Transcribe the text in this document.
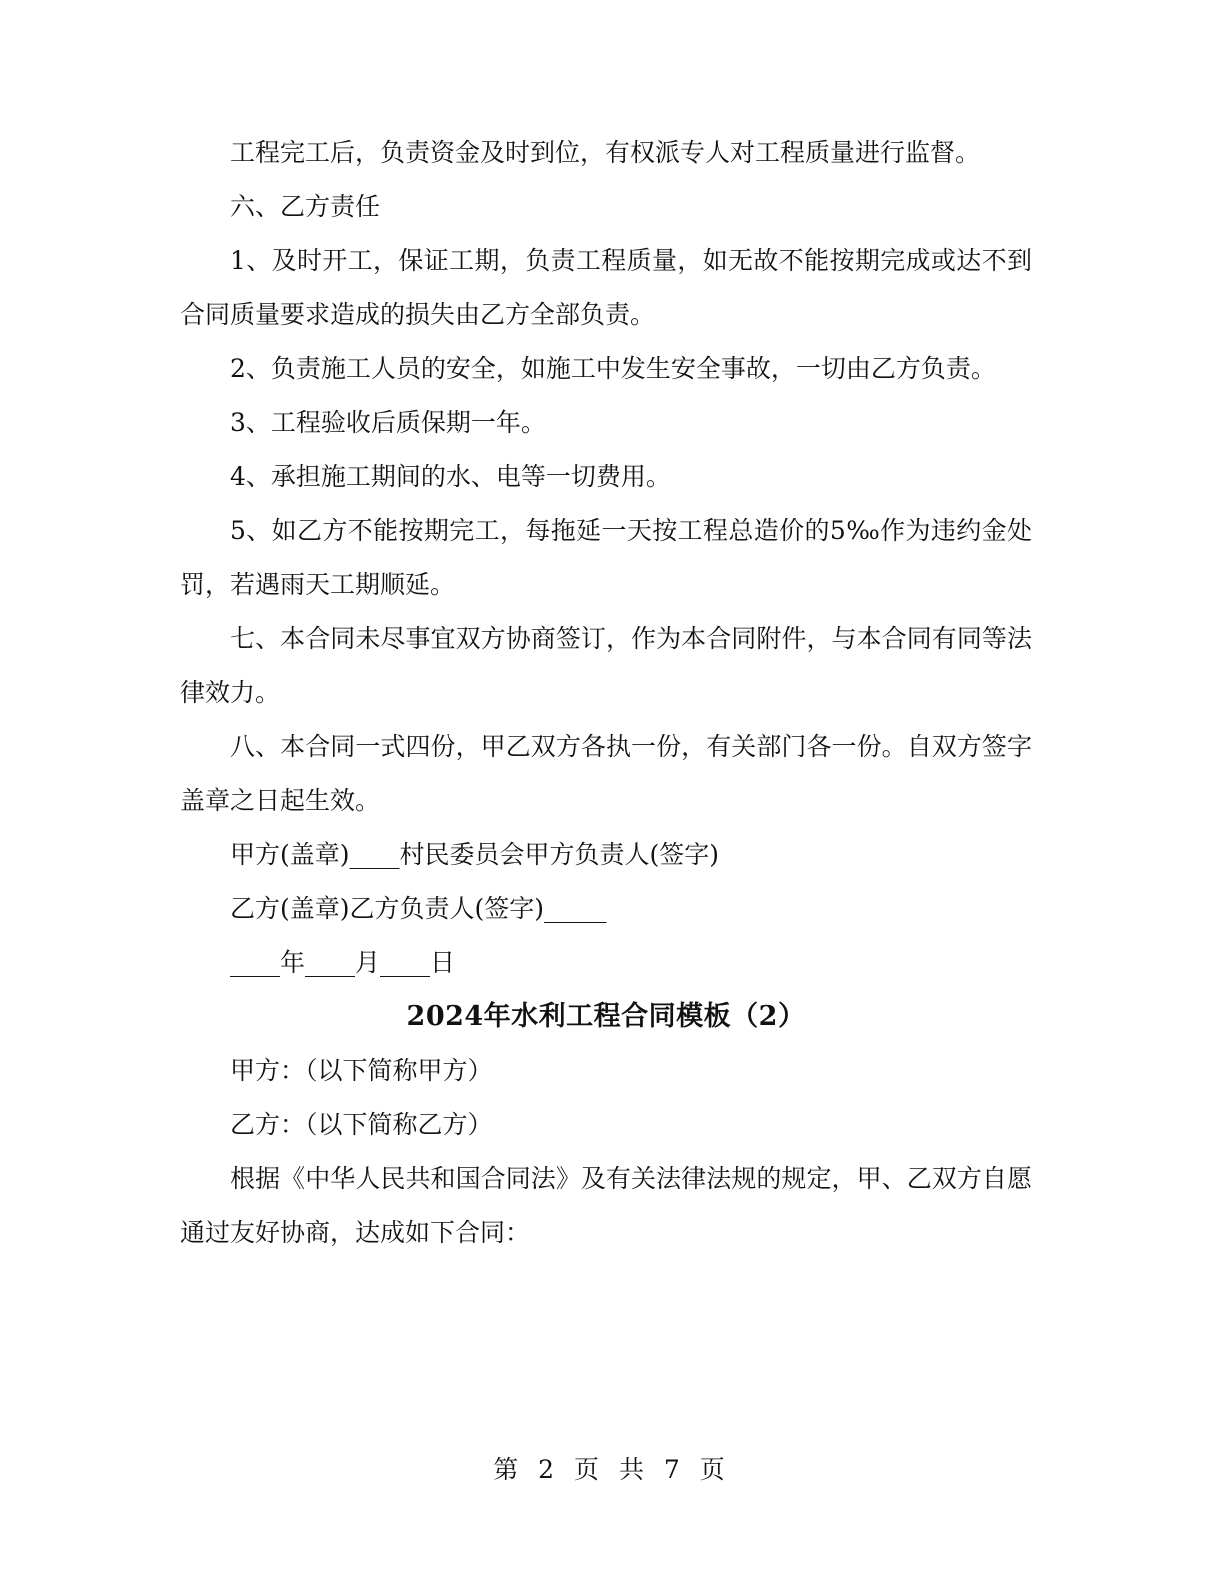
工程完工后，负责资金及时到位，有权派专人对工程质量进行监督。

六、乙方责任

1、及时开工，保证工期，负责工程质量，如无故不能按期完成或达不到合同质量要求造成的损失由乙方全部负责。

2、负责施工人员的安全，如施工中发生安全事故，一切由乙方负责。

3、工程验收后质保期一年。

4、承担施工期间的水、电等一切费用。

5、如乙方不能按期完工，每拖延一天按工程总造价的5‰作为违约金处罚，若遇雨天工期顺延。

七、本合同未尽事宜双方协商签订，作为本合同附件，与本合同有同等法律效力。

八、本合同一式四份，甲乙双方各执一份，有关部门各一份。自双方签字盖章之日起生效。

甲方(盖章)____村民委员会甲方负责人(签字)

乙方(盖章)乙方负责人(签字)_____

____年____月____日

2024年水利工程合同模板（2）

甲方：（以下简称甲方）

乙方：（以下简称乙方）

根据《中华人民共和国合同法》及有关法律法规的规定，甲、乙双方自愿通过友好协商，达成如下合同：

第 2 页 共 7 页
